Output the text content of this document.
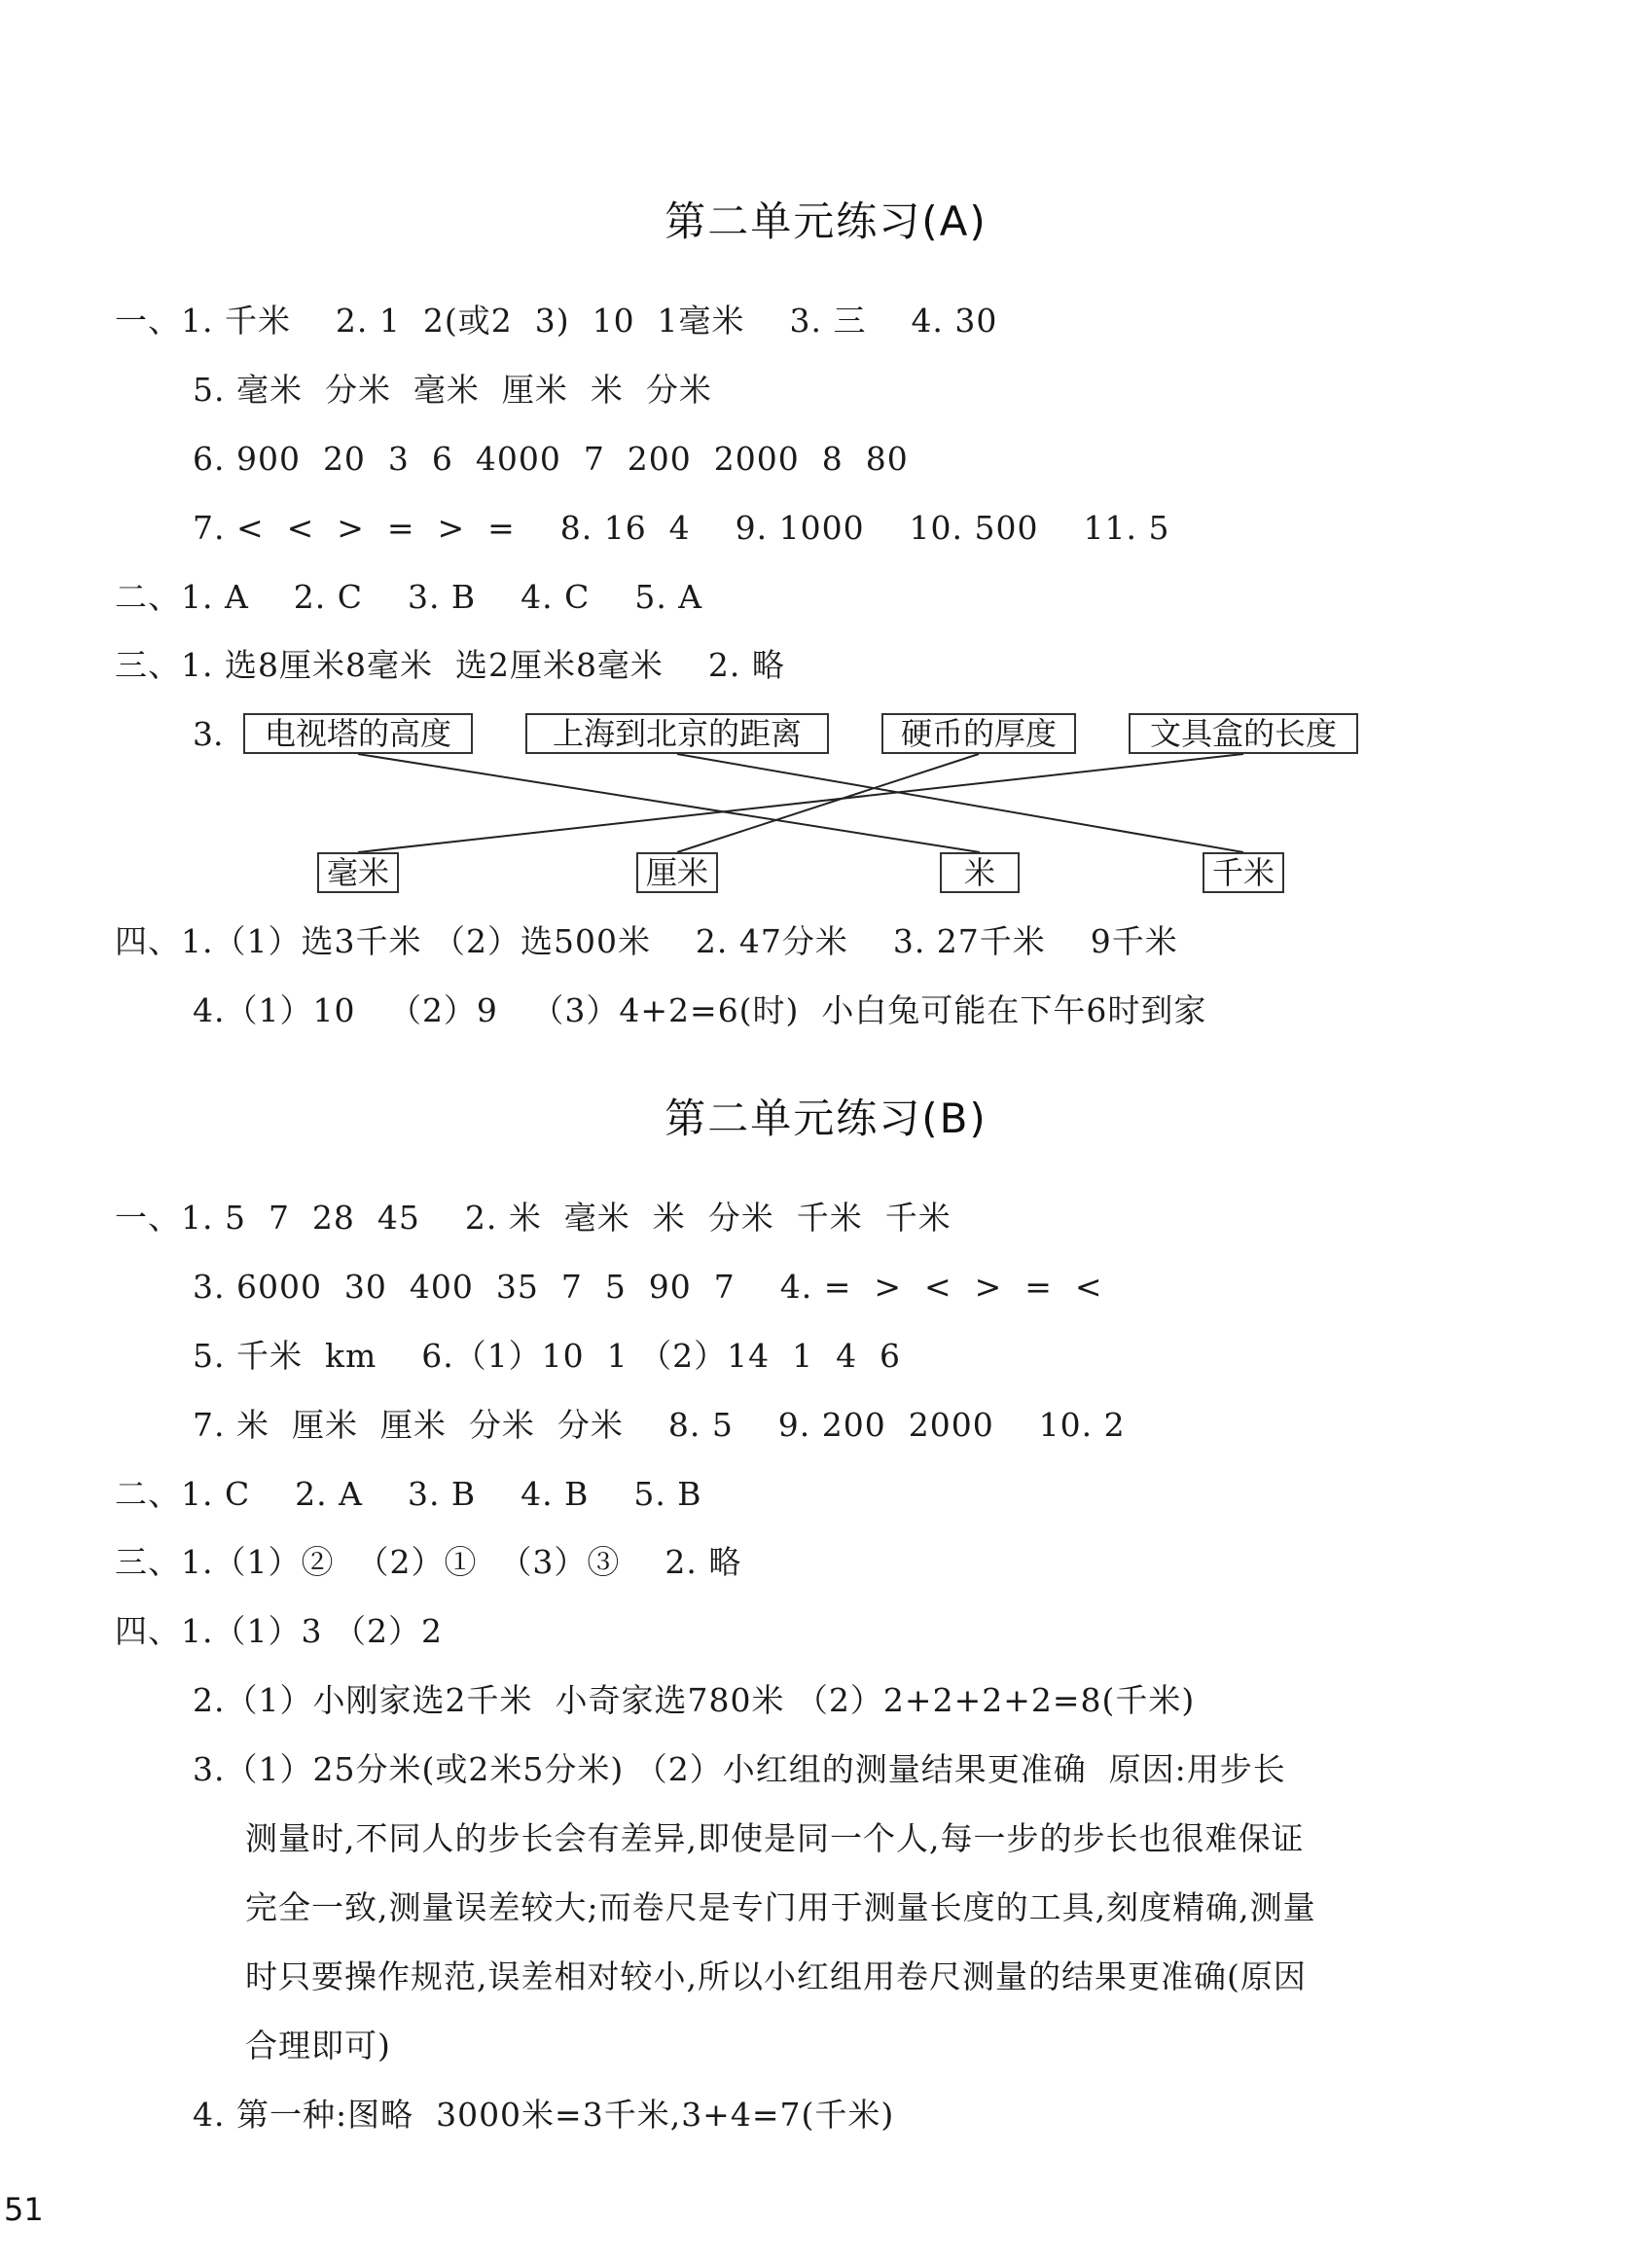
第二单元练习(A)
一、1. 千米    2. 1  2(或2  3)  10  1毫米    3. 三    4. 30
5. 毫米  分米  毫米  厘米  米  分米
6. 900  20  3  6  4000  7  200  2000  8  80
7. <  <  >  =  >  =    8. 16  4    9. 1000    10. 500    11. 5
二、1. A    2. C    3. B    4. C    5. A
三、1. 选8厘米8毫米  选2厘米8毫米    2. 略
3.	电视塔的高度	上海到北京的距离	硬币的厚度	文具盒的长度
毫米	厘米	米	千米
四、1.（1）选3千米 （2）选500米    2. 47分米    3. 27千米    9千米
4.（1）10   （2）9   （3）4+2=6(时)  小白兔可能在下午6时到家
第二单元练习(B)
一、1. 5  7  28  45    2. 米  毫米  米  分米  千米  千米
3. 6000  30  400  35  7  5  90  7    4. =  >  <  >  =  <
5. 千米  km    6.（1）10  1 （2）14  1  4  6
7. 米  厘米  厘米  分米  分米    8. 5    9. 200  2000    10. 2
二、1. C    2. A    3. B    4. B    5. B
三、1.（1）②  （2）①  （3）③    2. 略
四、1.（1）3 （2）2
2.（1）小刚家选2千米  小奇家选780米 （2）2+2+2+2=8(千米)
3.（1）25分米(或2米5分米) （2）小红组的测量结果更准确  原因:用步长
测量时,不同人的步长会有差异,即使是同一个人,每一步的步长也很难保证
完全一致,测量误差较大;而卷尺是专门用于测量长度的工具,刻度精确,测量
时只要操作规范,误差相对较小,所以小红组用卷尺测量的结果更准确(原因
合理即可)
4. 第一种:图略  3000米=3千米,3+4=7(千米)
51
